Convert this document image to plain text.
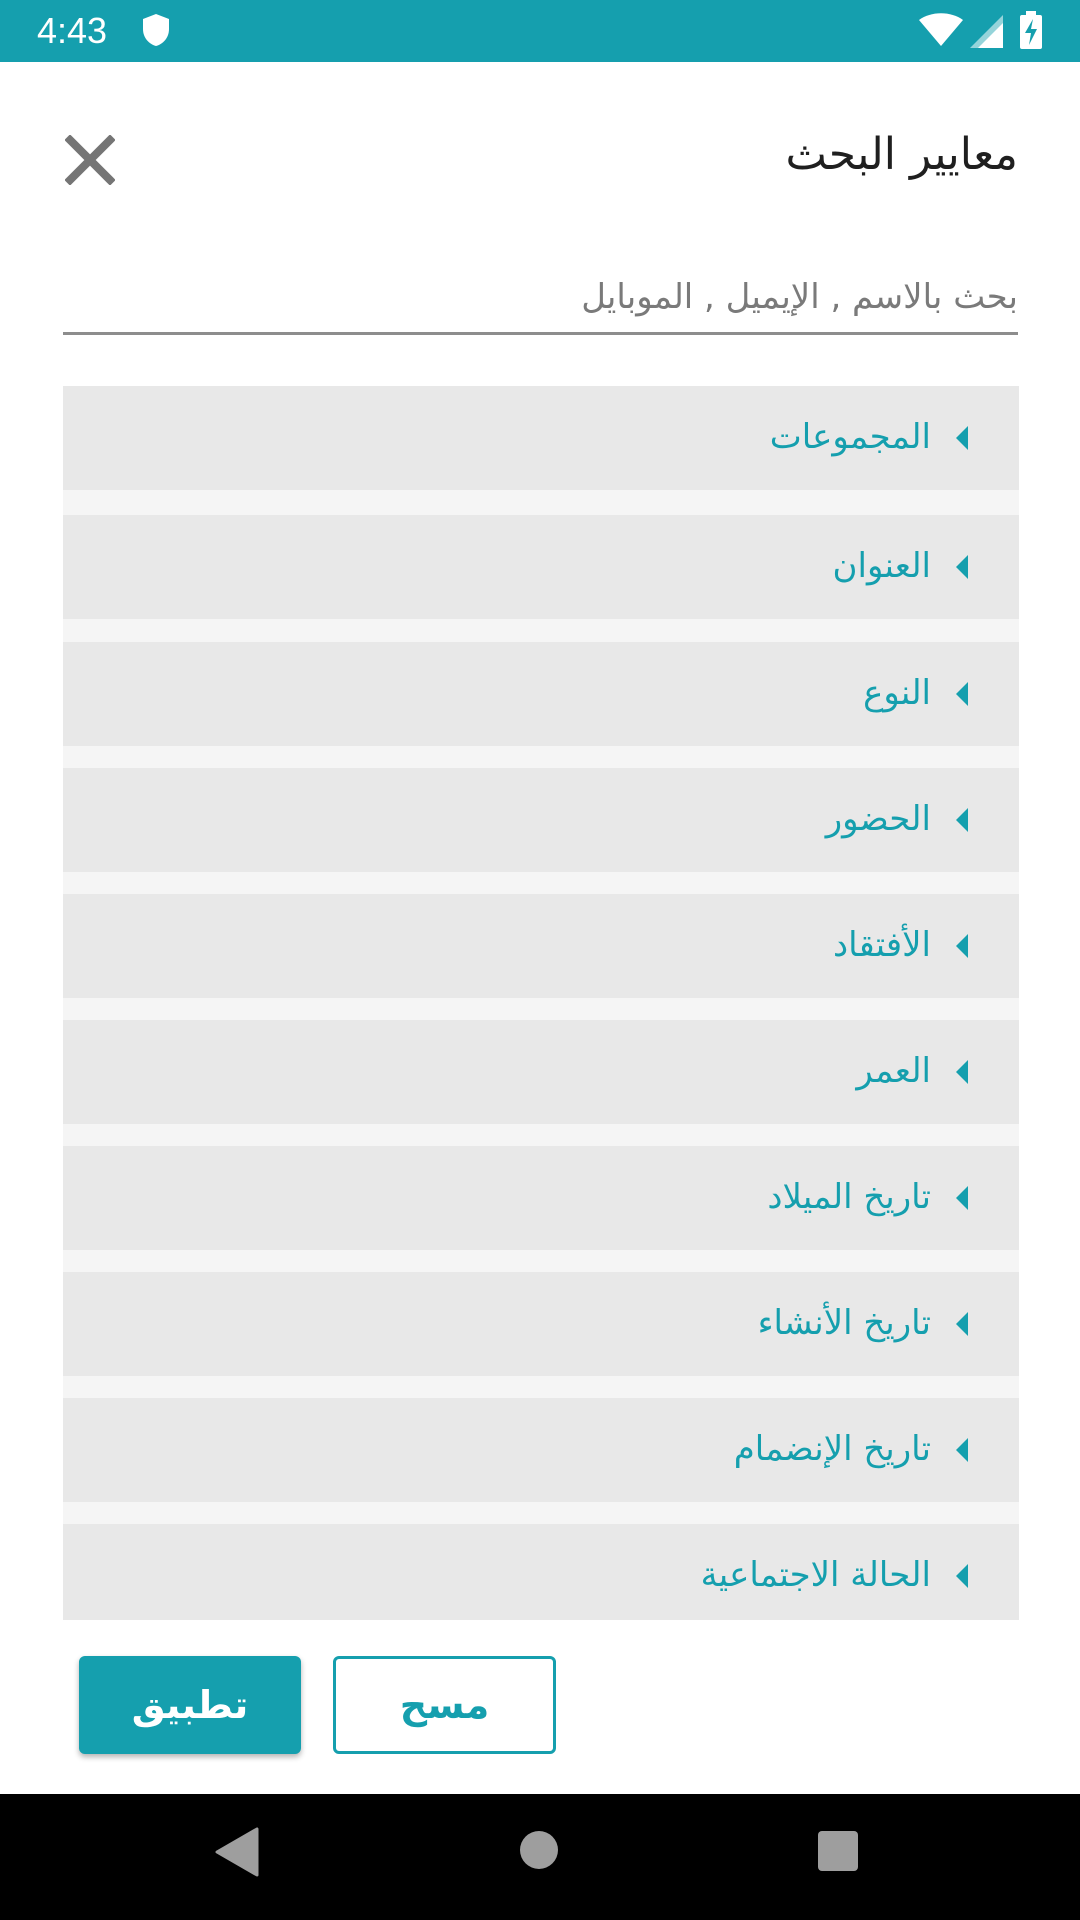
4:43
معايير البحث
بحث بالاسم , الإيميل , الموبايل
المجموعات
العنوان
النوع
الحضور
الأفتقاد
العمر
تاريخ الميلاد
تاريخ الأنشاء
تاريخ الإنضمام
الحالة الاجتماعية
تطبيق	مسح
